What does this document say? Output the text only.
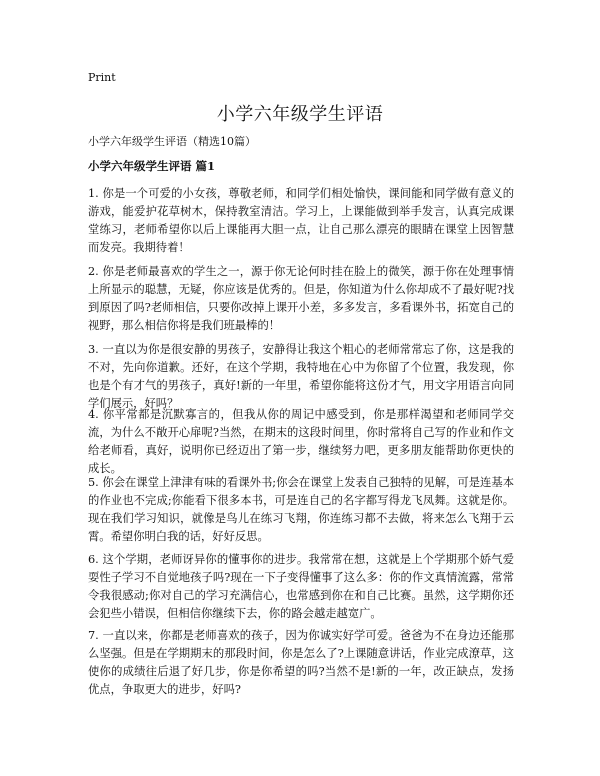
Print
小学六年级学生评语
小学六年级学生评语（精选10篇）
小学六年级学生评语 篇1

1. 你是一个可爱的小女孩，尊敬老师，和同学们相处愉快，课间能和同学做有意义的游戏，能爱护花草树木，保持教室清洁。学习上，上课能做到举手发言，认真完成课堂练习，老师希望你以后上课能再大胆一点，让自己那么漂亮的眼睛在课堂上因智慧而发亮。我期待着！

2. 你是老师最喜欢的学生之一，源于你无论何时挂在脸上的微笑，源于你在处理事情上所显示的聪慧，无疑，你应该是优秀的。但是，你知道为什么你却成不了最好呢?找到原因了吗?老师相信，只要你改掉上课开小差，多多发言，多看课外书，拓宽自己的视野，那么相信你将是我们班最棒的！

3. 一直以为你是很安静的男孩子，安静得让我这个粗心的老师常常忘了你，这是我的不对，先向你道歉。还好，在这个学期，我特地在心中为你留了个位置，我发现，你也是个有才气的男孩子，真好!新的一年里，希望你能将这份才气，用文字用语言向同学们展示，好吗？

4. 你平常都是沉默寡言的，但我从你的周记中感受到，你是那样渴望和老师同学交流，为什么不敞开心扉呢?当然，在期末的这段时间里，你时常将自己写的作业和作文给老师看，真好，说明你已经迈出了第一步，继续努力吧，更多朋友能帮助你更快的成长。

5. 你会在课堂上津津有味的看课外书;你会在课堂上发表自己独特的见解，可是连基本的作业也不完成;你能看下很多本书，可是连自己的名字都写得龙飞凤舞。这就是你。现在我们学习知识，就像是鸟儿在练习飞翔，你连练习都不去做，将来怎么飞翔于云霄。希望你明白我的话，好好反思。

6. 这个学期，老师讶异你的懂事你的进步。我常常在想，这就是上个学期那个娇气爱耍性子学习不自觉地孩子吗?现在一下子变得懂事了这么多：你的作文真情流露，常常令我很感动;你对自己的学习充满信心，也常感到你在和自己比赛。虽然，这学期你还会犯些小错误，但相信你继续下去，你的路会越走越宽广。

7. 一直以来，你都是老师喜欢的孩子，因为你诚实好学可爱。爸爸为不在身边还能那么坚强。但是在学期期末的那段时间，你是怎么了?上课随意讲话，作业完成潦草，这使你的成绩往后退了好几步，你是你希望的吗?当然不是!新的一年，改正缺点，发扬优点，争取更大的进步，好吗?
